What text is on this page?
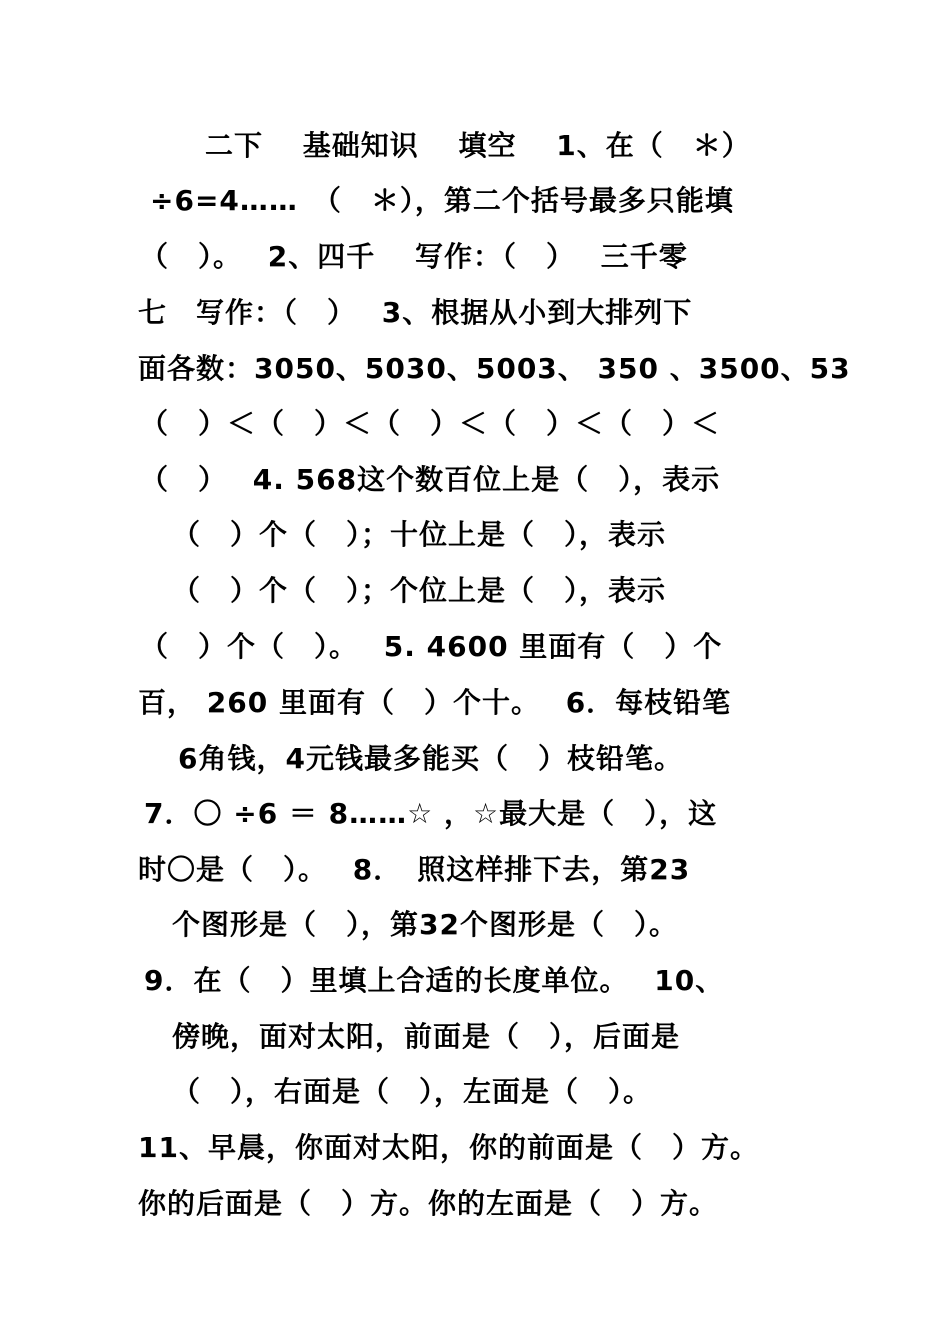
二下　 基础知识　 填空　 1、在（　＊）
÷6=4……　（　＊），第二个括号最多只能填
（　）。　 2、四千　 写作：（　）　 三千零
七　写作：（　）　 3、根据从小到大排列下
面各数：3050、5030、5003、 350 、3500、53
（　）＜（　）＜（　）＜（　）＜（　）＜
（　）　 4. 568这个数百位上是（　），表示
（　）个（　）；十位上是（　），表示
（　）个（　）；个位上是（　），表示
（　）个（　）。　 5. 4600 里面有（　）个
百， 260 里面有（　）个十。　 6．每枝铅笔
6角钱，4元钱最多能买（　）枝铅笔。
7．〇 ÷6 ＝ 8……☆ ，☆最大是（　），这
时〇是（　）。　 8．　照这样排下去，第23
个图形是（　），第32个图形是（　）。
9．在（　）里填上合适的长度单位。　 10、
傍晚，面对太阳，前面是（　），后面是
（　），右面是（　），左面是（　）。
11、早晨，你面对太阳，你的前面是（　）方。
你的后面是（　）方。你的左面是（　）方。
